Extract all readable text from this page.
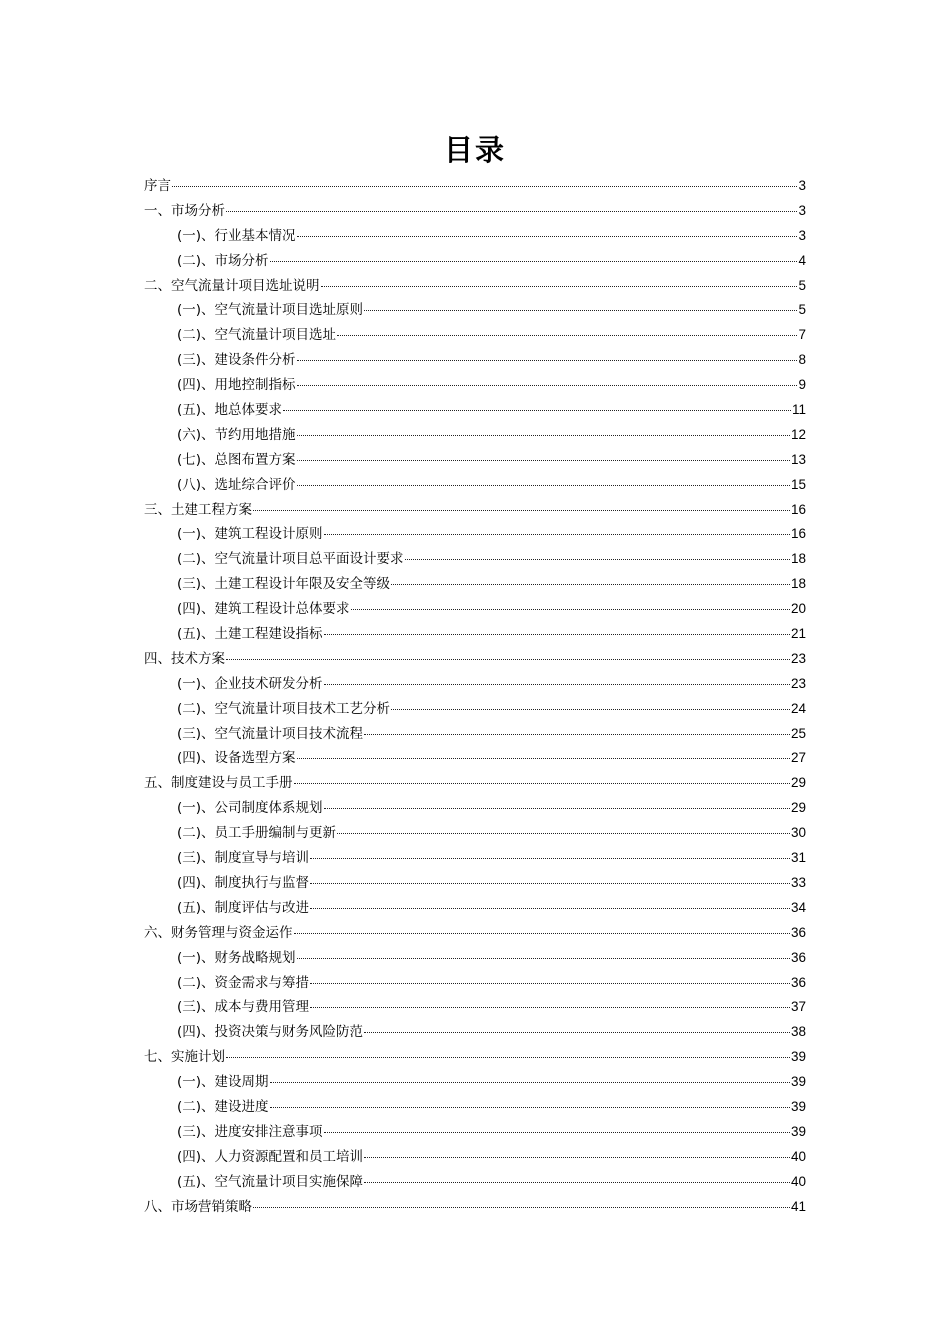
目录
序言	3
一、市场分析	3
(一)、行业基本情况	3
(二)、市场分析	4
二、空气流量计项目选址说明	5
(一)、空气流量计项目选址原则	5
(二)、空气流量计项目选址	7
(三)、建设条件分析	8
(四)、用地控制指标	9
(五)、地总体要求	11
(六)、节约用地措施	12
(七)、总图布置方案	13
(八)、选址综合评价	15
三、土建工程方案	16
(一)、建筑工程设计原则	16
(二)、空气流量计项目总平面设计要求	18
(三)、土建工程设计年限及安全等级	18
(四)、建筑工程设计总体要求	20
(五)、土建工程建设指标	21
四、技术方案	23
(一)、企业技术研发分析	23
(二)、空气流量计项目技术工艺分析	24
(三)、空气流量计项目技术流程	25
(四)、设备选型方案	27
五、制度建设与员工手册	29
(一)、公司制度体系规划	29
(二)、员工手册编制与更新	30
(三)、制度宣导与培训	31
(四)、制度执行与监督	33
(五)、制度评估与改进	34
六、财务管理与资金运作	36
(一)、财务战略规划	36
(二)、资金需求与筹措	36
(三)、成本与费用管理	37
(四)、投资决策与财务风险防范	38
七、实施计划	39
(一)、建设周期	39
(二)、建设进度	39
(三)、进度安排注意事项	39
(四)、人力资源配置和员工培训	40
(五)、空气流量计项目实施保障	40
八、市场营销策略	41
